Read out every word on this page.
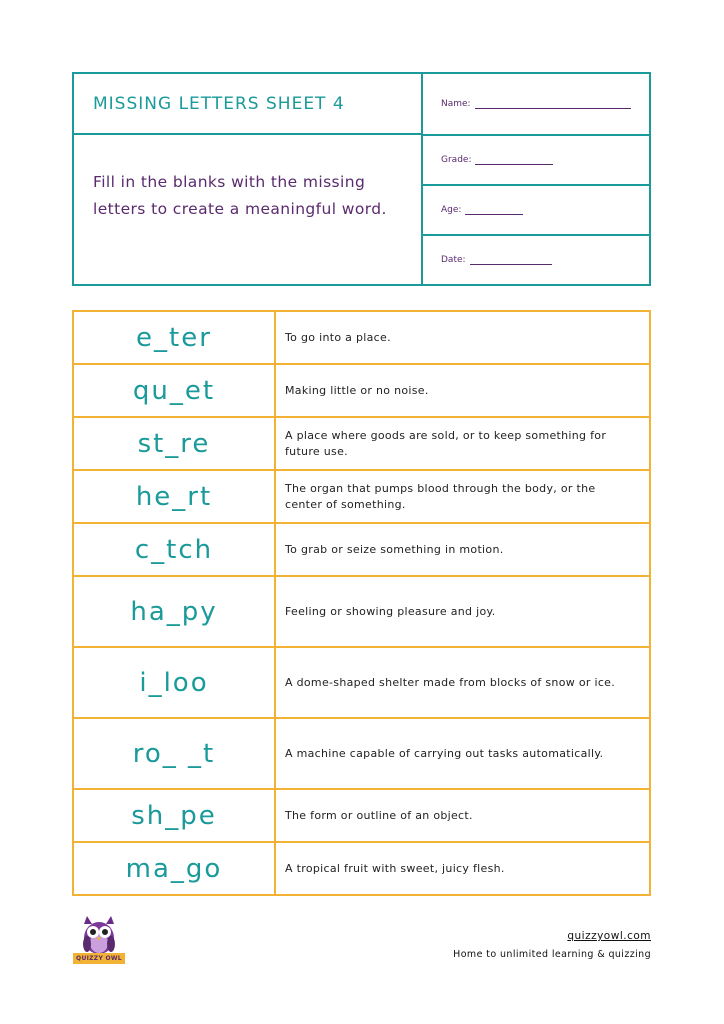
MISSING LETTERS SHEET 4
Fill in the blanks with the missing letters to create a meaningful word.
Name:
Grade:
Age:
Date:
e_ter	To go into a place.
qu_et	Making little or no noise.
st_re	A place where goods are sold, or to keep something for future use.
he_rt	The organ that pumps blood through the body, or the center of something.
c_tch	To grab or seize something in motion.
ha_py	Feeling or showing pleasure and joy.
i_loo	A dome-shaped shelter made from blocks of snow or ice.
ro_ _t	A machine capable of carrying out tasks automatically.
sh_pe	The form or outline of an object.
ma_go	A tropical fruit with sweet, juicy flesh.
QUIZZY OWL
quizzyowl.com
Home to unlimited learning & quizzing
